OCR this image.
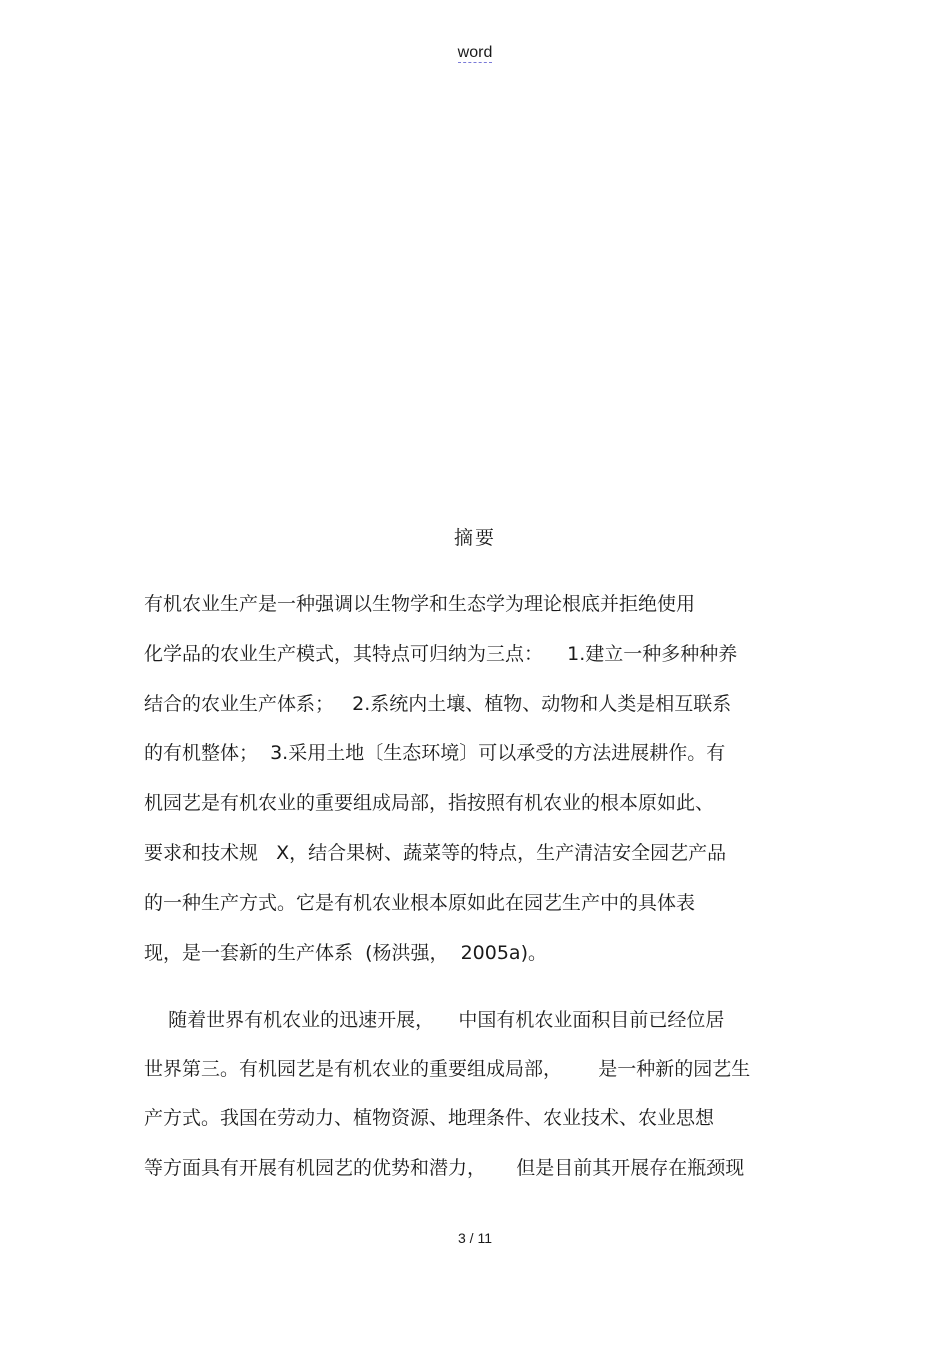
word
摘要
有机农业生产是一种强调以生物学和生态学为理论根底并拒绝使用
化学品的农业生产模式，其特点可归纳为三点：    1.建立一种多种种养
结合的农业生产体系；   2.系统内土壤、植物、动物和人类是相互联系
的有机整体；  3.采用土地〔生态环境〕可以承受的方法进展耕作。有
机园艺是有机农业的重要组成局部，指按照有机农业的根本原如此、
要求和技术规   X，结合果树、蔬菜等的特点，生产清洁安全园艺产品
的一种生产方式。它是有机农业根本原如此在园艺生产中的具体表
现，是一套新的生产体系  (杨洪强，  2005a)。
随着世界有机农业的迅速开展，    中国有机农业面积目前已经位居
世界第三。有机园艺是有机农业的重要组成局部，      是一种新的园艺生
产方式。我国在劳动力、植物资源、地理条件、农业技术、农业思想
等方面具有开展有机园艺的优势和潜力，     但是目前其开展存在瓶颈现
3 / 11
